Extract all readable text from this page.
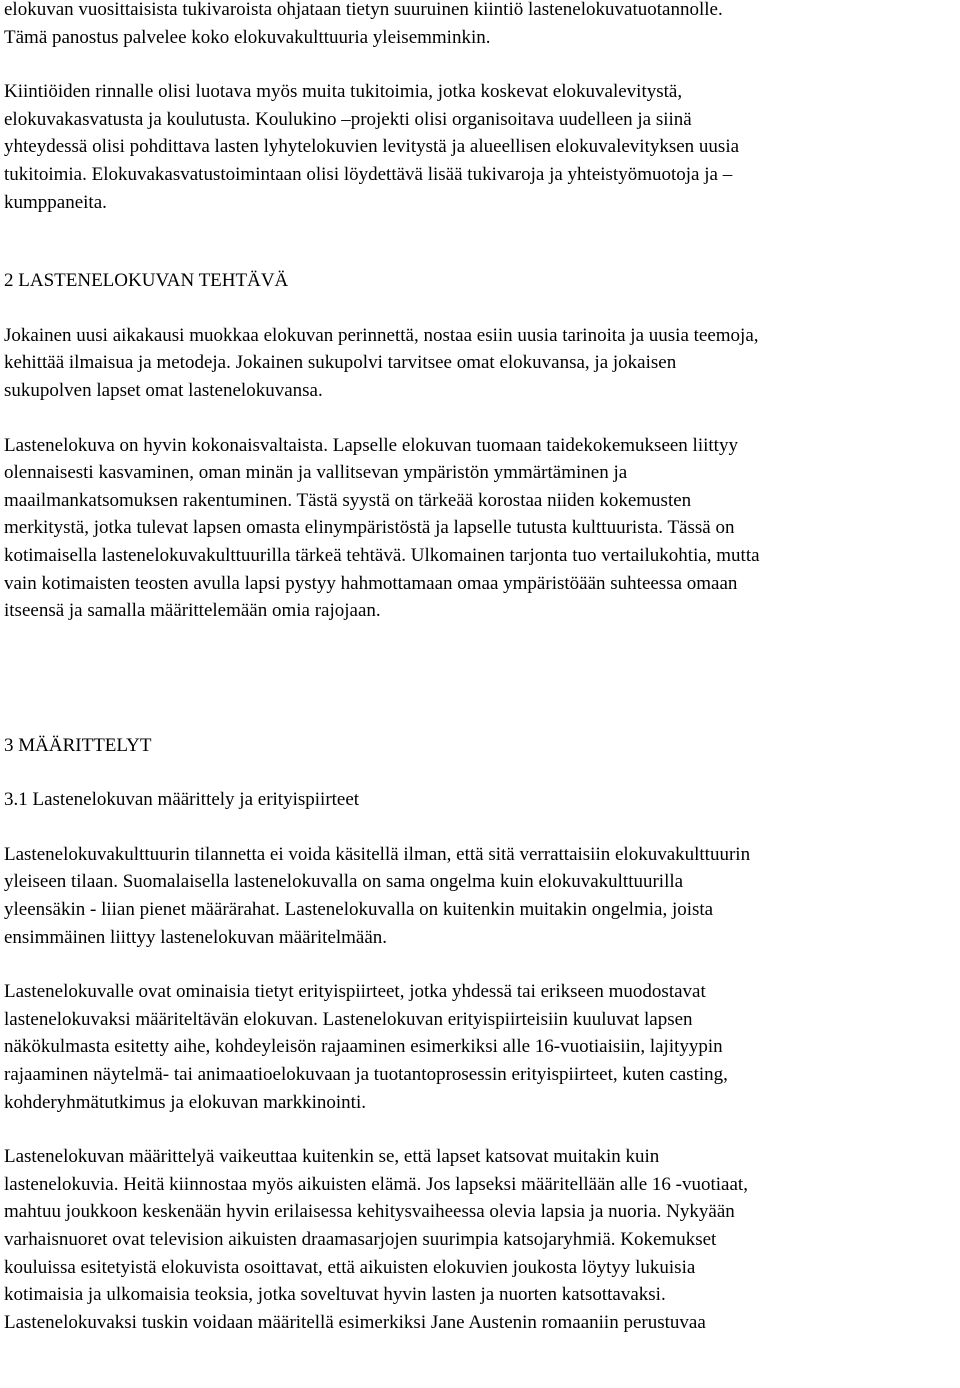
elokuvan vuosittaisista tukivaroista ohjataan tietyn suuruinen kiintiö lastenelokuvatuotannolle.
Tämä panostus palvelee koko elokuvakulttuuria yleisemminkin.
Kiintiöiden rinnalle olisi luotava myös muita tukitoimia, jotka koskevat elokuvalevitystä,
elokuvakasvatusta ja koulutusta. Koulukino –projekti olisi organisoitava uudelleen ja siinä
yhteydessä olisi pohdittava lasten lyhytelokuvien levitystä ja alueellisen elokuvalevityksen uusia
tukitoimia. Elokuvakasvatustoimintaan olisi löydettävä lisää tukivaroja ja yhteistyömuotoja ja –
kumppaneita.
2 LASTENELOKUVAN TEHTÄVÄ
Jokainen uusi aikakausi muokkaa elokuvan perinnettä, nostaa esiin uusia tarinoita ja uusia teemoja,
kehittää ilmaisua ja metodeja. Jokainen sukupolvi tarvitsee omat elokuvansa, ja jokaisen
sukupolven lapset omat lastenelokuvansa.
Lastenelokuva on hyvin kokonaisvaltaista. Lapselle elokuvan tuomaan taidekokemukseen liittyy
olennaisesti kasvaminen, oman minän ja vallitsevan ympäristön ymmärtäminen ja
maailmankatsomuksen rakentuminen. Tästä syystä on tärkeää korostaa niiden kokemusten
merkitystä, jotka tulevat lapsen omasta elinympäristöstä ja lapselle tutusta kulttuurista. Tässä on
kotimaisella lastenelokuvakulttuurilla tärkeä tehtävä. Ulkomainen tarjonta tuo vertailukohtia, mutta
vain kotimaisten teosten avulla lapsi pystyy hahmottamaan omaa ympäristöään suhteessa omaan
itseensä ja samalla määrittelemään omia rajojaan.
3 MÄÄRITTELYT
3.1 Lastenelokuvan määrittely ja erityispiirteet
Lastenelokuvakulttuurin tilannetta ei voida käsitellä ilman, että sitä verrattaisiin elokuvakulttuurin
yleiseen tilaan. Suomalaisella lastenelokuvalla on sama ongelma kuin elokuvakulttuurilla
yleensäkin - liian pienet määrärahat. Lastenelokuvalla on kuitenkin muitakin ongelmia, joista
ensimmäinen liittyy lastenelokuvan määritelmään.
Lastenelokuvalle ovat ominaisia tietyt erityispiirteet, jotka yhdessä tai erikseen muodostavat
lastenelokuvaksi määriteltävän elokuvan. Lastenelokuvan erityispiirteisiin kuuluvat lapsen
näkökulmasta esitetty aihe, kohdeyleisön rajaaminen esimerkiksi alle 16-vuotiaisiin, lajityypin
rajaaminen näytelmä- tai animaatioelokuvaan ja tuotantoprosessin erityispiirteet, kuten casting,
kohderyhmätutkimus ja elokuvan markkinointi.
Lastenelokuvan määrittelyä vaikeuttaa kuitenkin se, että lapset katsovat muitakin kuin
lastenelokuvia. Heitä kiinnostaa myös aikuisten elämä. Jos lapseksi määritellään alle 16 -vuotiaat,
mahtuu joukkoon keskenään hyvin erilaisessa kehitysvaiheessa olevia lapsia ja nuoria. Nykyään
varhaisnuoret ovat television aikuisten draamasarjojen suurimpia katsojaryhmiä. Kokemukset
kouluissa esitetyistä elokuvista osoittavat, että aikuisten elokuvien joukosta löytyy lukuisia
kotimaisia ja ulkomaisia teoksia, jotka soveltuvat hyvin lasten ja nuorten katsottavaksi.
Lastenelokuvaksi tuskin voidaan määritellä esimerkiksi Jane Austenin romaaniin perustuvaa
